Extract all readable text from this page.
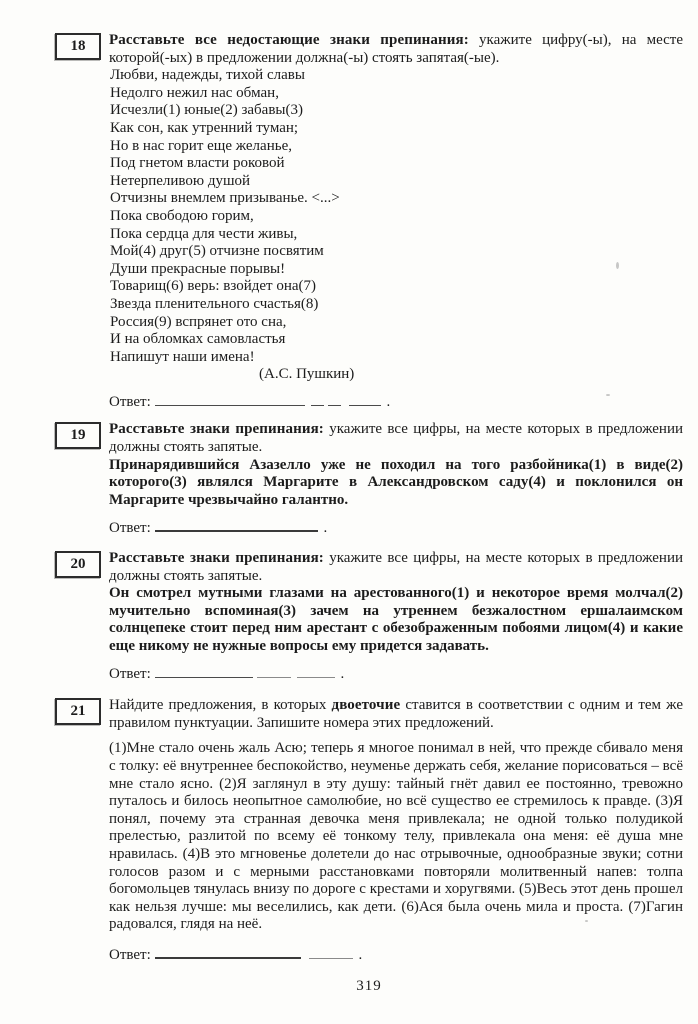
18	Расставьте все недостающие знаки препинания: укажите цифру(-ы), на месте которой(-ых) в предложении должна(-ы) стоять запятая(-ые).

Любви, надежды, тихой славы
Недолго нежил нас обман,
Исчезли(1) юные(2) забавы(3)
Как сон, как утренний туман;
Но в нас горит еще желанье,
Под гнетом власти роковой
Нетерпеливою душой
Отчизны внемлем призыванье. <...>
Пока свободою горим,
Пока сердца для чести живы,
Мой(4) друг(5) отчизне посвятим
Души прекрасные порывы!
Товарищ(6) верь: взойдет она(7)
Звезда пленительного счастья(8)
Россия(9) вспрянет ото сна,
И на обломках самовластья
Напишут наши имена!
(А.С. Пушкин)

Ответ:	.

19	Расставьте знаки препинания: укажите все цифры, на месте которых в предложении должны стоять запятые.

Принарядившийся Азазелло уже не походил на того разбойника(1) в виде(2) которого(3) являлся Маргарите в Александровском саду(4) и поклонился он Маргарите чрезвычайно галантно.

Ответ:	.

20	Расставьте знаки препинания: укажите все цифры, на месте которых в предложении должны стоять запятые.

Он смотрел мутными глазами на арестованного(1) и некоторое время молчал(2) мучительно вспоминая(3) зачем на утреннем безжалостном ершалаимском солнцепеке стоит перед ним арестант с обезображенным побоями лицом(4) и какие еще никому не нужные вопросы ему придется задавать.

Ответ:	.

21	Найдите предложения, в которых двоеточие ставится в соответствии с одним и тем же правилом пунктуации. Запишите номера этих предложений.

(1)Мне стало очень жаль Асю; теперь я многое понимал в ней, что прежде сбивало меня с толку: её внутреннее беспокойство, неуменье держать себя, желание порисоваться – всё мне стало ясно. (2)Я заглянул в эту душу: тайный гнёт давил ее постоянно, тревожно путалось и билось неопытное самолюбие, но всё существо ее стремилось к правде. (3)Я понял, почему эта странная девочка меня привлекала; не одной только полудикой прелестью, разлитой по всему её тонкому телу, привлекала она меня: её душа мне нравилась. (4)В это мгновенье долетели до нас отрывочные, однообразные звуки; сотни голосов разом и с мерными расстановками повторяли молитвенный напев: толпа богомольцев тянулась внизу по дороге с крестами и хоругвями. (5)Весь этот день прошел как нельзя лучше: мы веселились, как дети. (6)Ася была очень мила и проста. (7)Гагин радовался, глядя на неё.

Ответ:	.

319
